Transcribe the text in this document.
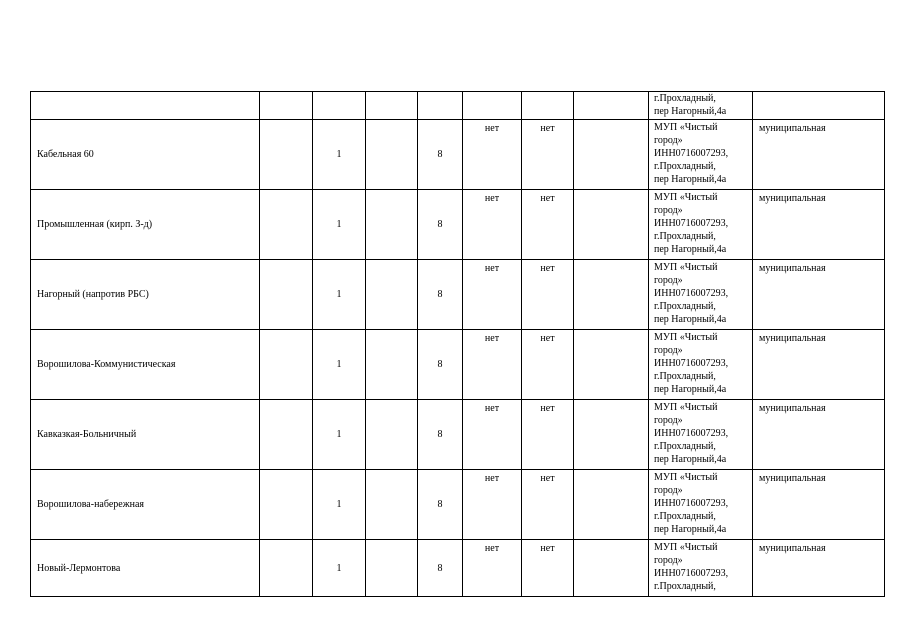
								г.Прохладный,
пер Нагорный,4а	

Кабельная 60		1		8	нет	нет		МУП «Чистый
город»
ИНН0716007293,
г.Прохладный,
пер Нагорный,4а	муниципальная
Промышленная (кирп. З-д)		1		8	нет	нет		МУП «Чистый
город»
ИНН0716007293,
г.Прохладный,
пер Нагорный,4а	муниципальная
Нагорный (напротив РБС)		1		8	нет	нет		МУП «Чистый
город»
ИНН0716007293,
г.Прохладный,
пер Нагорный,4а	муниципальная
Ворошилова-Коммунистическая		1		8	нет	нет		МУП «Чистый
город»
ИНН0716007293,
г.Прохладный,
пер Нагорный,4а	муниципальная
Кавказкая-Больничный		1		8	нет	нет		МУП «Чистый
город»
ИНН0716007293,
г.Прохладный,
пер Нагорный,4а	муниципальная
Ворошилова-набережная		1		8	нет	нет		МУП «Чистый
город»
ИНН0716007293,
г.Прохладный,
пер Нагорный,4а	муниципальная
Новый-Лермонтова		1		8	нет	нет		МУП «Чистый
город»
ИНН0716007293,
г.Прохладный,	муниципальная
